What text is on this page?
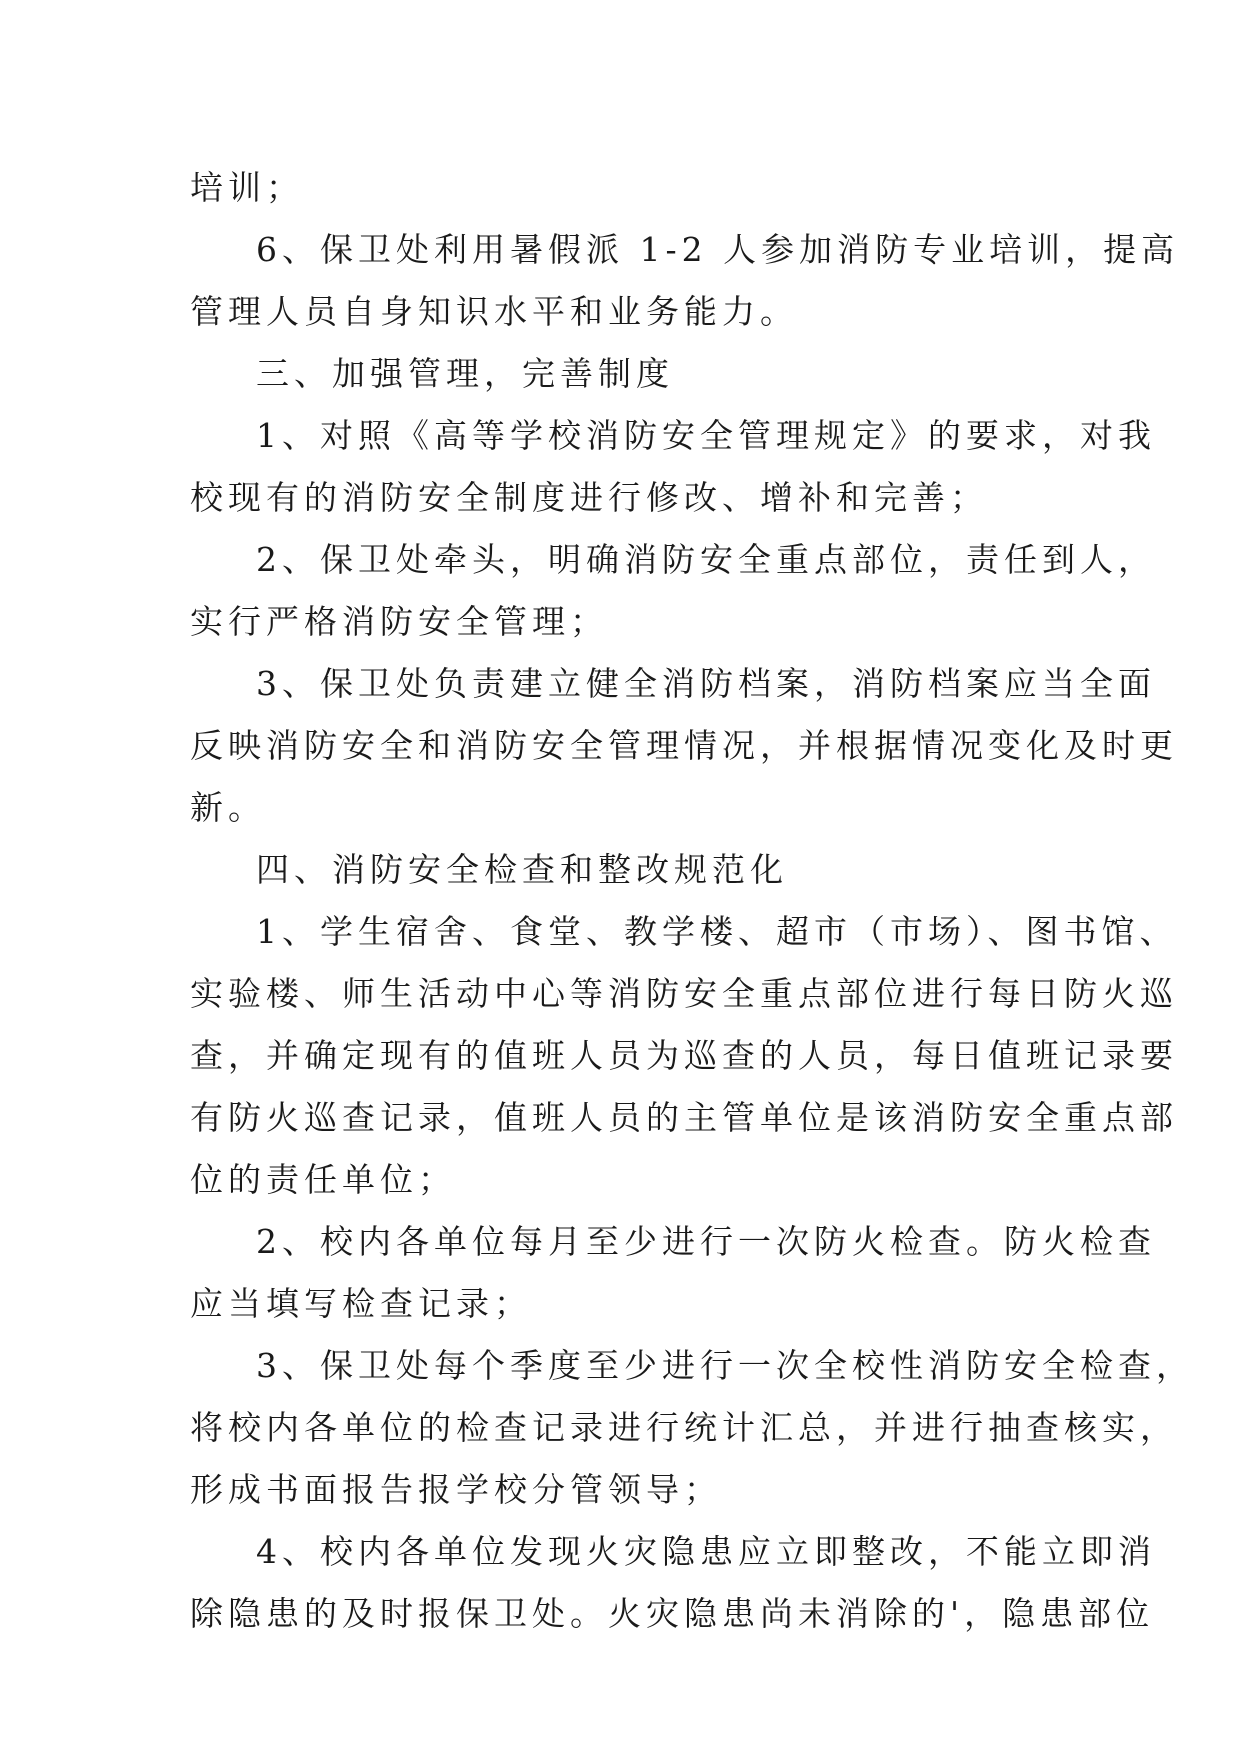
培训；
6、保卫处利用暑假派 1-2 人参加消防专业培训，提高
管理人员自身知识水平和业务能力。
三、加强管理，完善制度
1、对照《高等学校消防安全管理规定》的要求，对我
校现有的消防安全制度进行修改、增补和完善；
2、保卫处牵头，明确消防安全重点部位，责任到人，
实行严格消防安全管理；
3、保卫处负责建立健全消防档案，消防档案应当全面
反映消防安全和消防安全管理情况，并根据情况变化及时更
新。
四、消防安全检查和整改规范化
1、学生宿舍、食堂、教学楼、超市（市场）、图书馆、
实验楼、师生活动中心等消防安全重点部位进行每日防火巡
查，并确定现有的值班人员为巡查的人员，每日值班记录要
有防火巡查记录，值班人员的主管单位是该消防安全重点部
位的责任单位；
2、校内各单位每月至少进行一次防火检查。防火检查
应当填写检查记录；
3、保卫处每个季度至少进行一次全校性消防安全检查，
将校内各单位的检查记录进行统计汇总，并进行抽查核实，
形成书面报告报学校分管领导；
4、校内各单位发现火灾隐患应立即整改，不能立即消
除隐患的及时报保卫处。火灾隐患尚未消除的'，隐患部位
